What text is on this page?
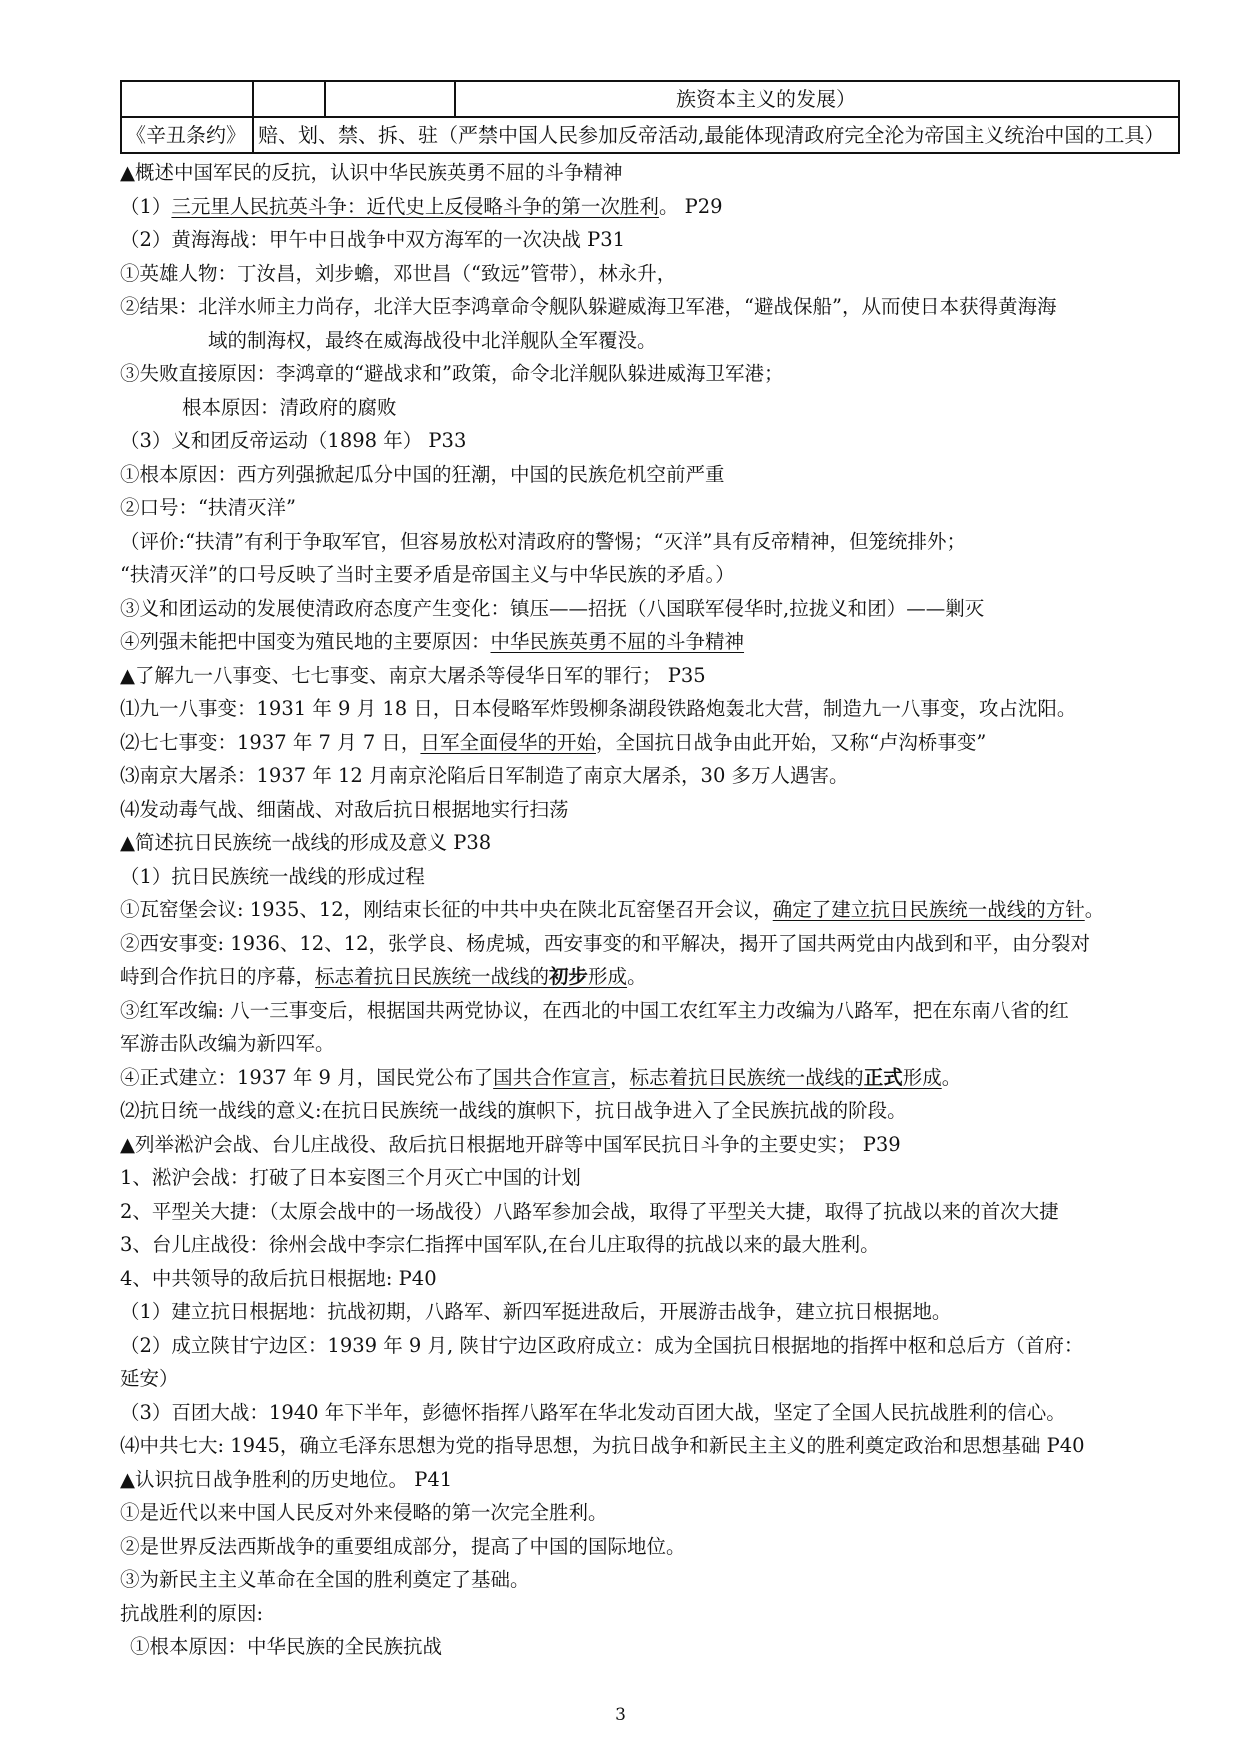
			族资本主义的发展）
《辛丑条约》	赔、划、禁、拆、驻（严禁中国人民参加反帝活动,最能体现清政府完全沦为帝国主义统治中国的工具）		

▲概述中国军民的反抗，认识中华民族英勇不屈的斗争精神

（1）三元里人民抗英斗争：近代史上反侵略斗争的第一次胜利。 P29

（2）黄海海战：甲午中日战争中双方海军的一次决战 P31

①英雄人物：丁汝昌，刘步蟾，邓世昌（“致远”管带），林永升，

②结果：北洋水师主力尚存，北洋大臣李鸿章命令舰队躲避威海卫军港，“避战保船”，从而使日本获得黄海海

域的制海权，最终在威海战役中北洋舰队全军覆没。

③失败直接原因：李鸿章的“避战求和”政策，命令北洋舰队躲进威海卫军港；

根本原因：清政府的腐败

（3）义和团反帝运动（1898 年） P33

①根本原因：西方列强掀起瓜分中国的狂潮，中国的民族危机空前严重

②口号：“扶清灭洋”

（评价:“扶清”有利于争取军官，但容易放松对清政府的警惕；“灭洋”具有反帝精神，但笼统排外；

“扶清灭洋”的口号反映了当时主要矛盾是帝国主义与中华民族的矛盾。）

③义和团运动的发展使清政府态度产生变化：镇压——招抚（八国联军侵华时,拉拢义和团）——剿灭

④列强未能把中国变为殖民地的主要原因：中华民族英勇不屈的斗争精神

▲了解九一八事变、七七事变、南京大屠杀等侵华日军的罪行； P35

⑴九一八事变：1931 年 9 月 18 日，日本侵略军炸毁柳条湖段铁路炮轰北大营，制造九一八事变，攻占沈阳。

⑵七七事变：1937 年 7 月 7 日，日军全面侵华的开始，全国抗日战争由此开始，又称“卢沟桥事变”

⑶南京大屠杀：1937 年 12 月南京沦陷后日军制造了南京大屠杀，30 多万人遇害。

⑷发动毒气战、细菌战、对敌后抗日根据地实行扫荡

▲简述抗日民族统一战线的形成及意义 P38

（1）抗日民族统一战线的形成过程

①瓦窑堡会议: 1935、12，刚结束长征的中共中央在陕北瓦窑堡召开会议，确定了建立抗日民族统一战线的方针。

②西安事变: 1936、12、12，张学良、杨虎城，西安事变的和平解决，揭开了国共两党由内战到和平，由分裂对

峙到合作抗日的序幕，标志着抗日民族统一战线的初步形成。

③红军改编: 八一三事变后，根据国共两党协议，在西北的中国工农红军主力改编为八路军，把在东南八省的红

军游击队改编为新四军。

④正式建立：1937 年 9 月，国民党公布了国共合作宣言，标志着抗日民族统一战线的正式形成。

⑵抗日统一战线的意义:在抗日民族统一战线的旗帜下，抗日战争进入了全民族抗战的阶段。

▲列举淞沪会战、台儿庄战役、敌后抗日根据地开辟等中国军民抗日斗争的主要史实； P39

1、淞沪会战：打破了日本妄图三个月灭亡中国的计划

2、平型关大捷：（太原会战中的一场战役）八路军参加会战，取得了平型关大捷，取得了抗战以来的首次大捷

3、台儿庄战役：徐州会战中李宗仁指挥中国军队,在台儿庄取得的抗战以来的最大胜利。

4、中共领导的敌后抗日根据地: P40

（1）建立抗日根据地：抗战初期，八路军、新四军挺进敌后，开展游击战争，建立抗日根据地。

（2）成立陕甘宁边区：1939 年 9 月, 陕甘宁边区政府成立：成为全国抗日根据地的指挥中枢和总后方（首府：

延安）

（3）百团大战：1940 年下半年，彭德怀指挥八路军在华北发动百团大战，坚定了全国人民抗战胜利的信心。

⑷中共七大: 1945，确立毛泽东思想为党的指导思想，为抗日战争和新民主主义的胜利奠定政治和思想基础 P40

▲认识抗日战争胜利的历史地位。 P41

①是近代以来中国人民反对外来侵略的第一次完全胜利。

②是世界反法西斯战争的重要组成部分，提高了中国的国际地位。

③为新民主主义革命在全国的胜利奠定了基础。

抗战胜利的原因:

①根本原因：中华民族的全民族抗战

3
